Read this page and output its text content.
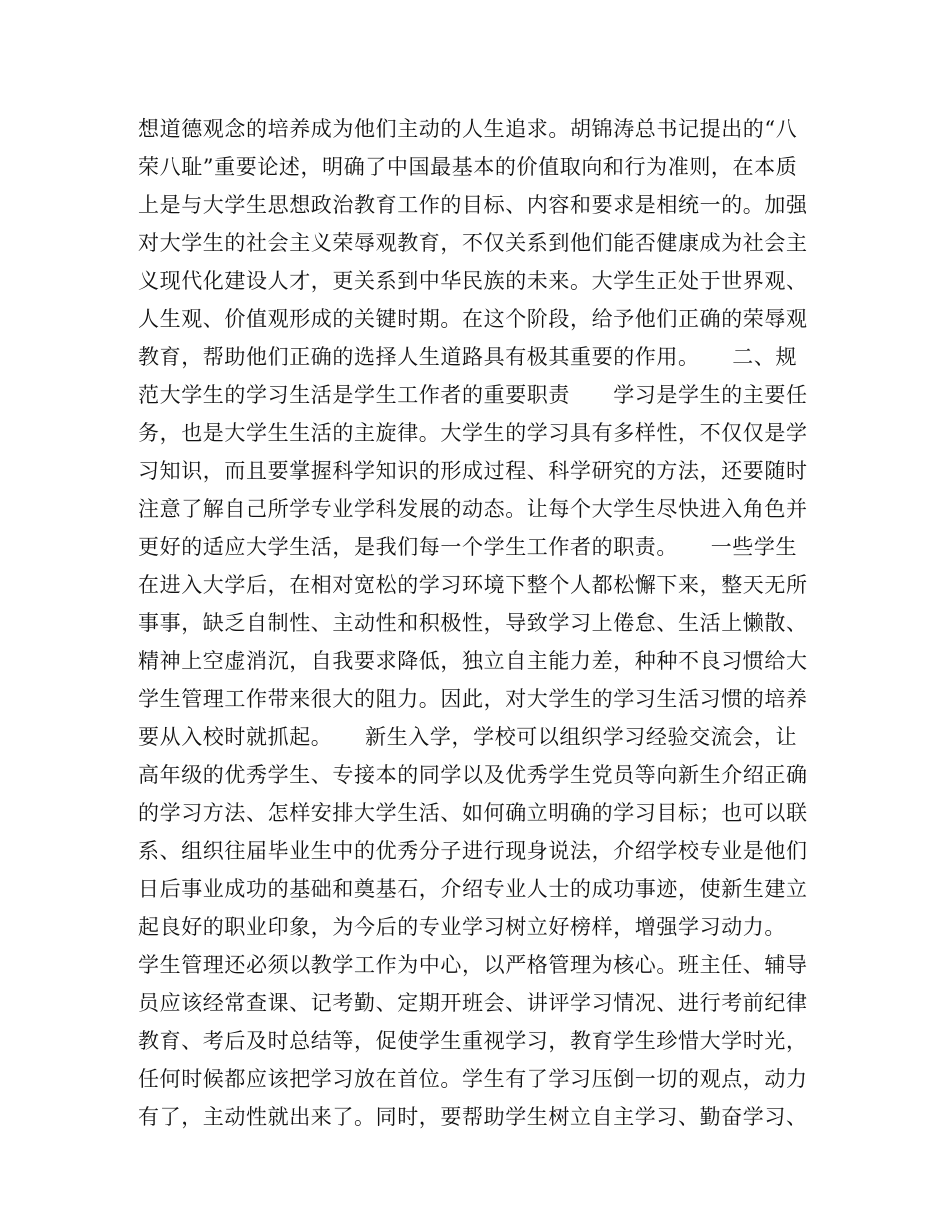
想道德观念的培养成为他们主动的人生追求。胡锦涛总书记提出的“八
荣八耻”重要论述，明确了中国最基本的价值取向和行为准则，在本质
上是与大学生思想政治教育工作的目标、内容和要求是相统一的。加强
对大学生的社会主义荣辱观教育，不仅关系到他们能否健康成为社会主
义现代化建设人才，更关系到中华民族的未来。大学生正处于世界观、
人生观、价值观形成的关键时期。在这个阶段，给予他们正确的荣辱观
教育，帮助他们正确的选择人生道路具有极其重要的作用。　　二、规
范大学生的学习生活是学生工作者的重要职责　　学习是学生的主要任
务，也是大学生生活的主旋律。大学生的学习具有多样性，不仅仅是学
习知识，而且要掌握科学知识的形成过程、科学研究的方法，还要随时
注意了解自己所学专业学科发展的动态。让每个大学生尽快进入角色并
更好的适应大学生活，是我们每一个学生工作者的职责。　　一些学生
在进入大学后，在相对宽松的学习环境下整个人都松懈下来，整天无所
事事，缺乏自制性、主动性和积极性，导致学习上倦怠、生活上懒散、
精神上空虚消沉，自我要求降低，独立自主能力差，种种不良习惯给大
学生管理工作带来很大的阻力。因此，对大学生的学习生活习惯的培养
要从入校时就抓起。　　新生入学，学校可以组织学习经验交流会，让
高年级的优秀学生、专接本的同学以及优秀学生党员等向新生介绍正确
的学习方法、怎样安排大学生活、如何确立明确的学习目标；也可以联
系、组织往届毕业生中的优秀分子进行现身说法，介绍学校专业是他们
日后事业成功的基础和奠基石，介绍专业人士的成功事迹，使新生建立
起良好的职业印象，为今后的专业学习树立好榜样，增强学习动力。　
学生管理还必须以教学工作为中心，以严格管理为核心。班主任、辅导
员应该经常查课、记考勤、定期开班会、讲评学习情况、进行考前纪律
教育、考后及时总结等，促使学生重视学习，教育学生珍惜大学时光，
任何时候都应该把学习放在首位。学生有了学习压倒一切的观点，动力
有了，主动性就出来了。同时，要帮助学生树立自主学习、勤奋学习、
